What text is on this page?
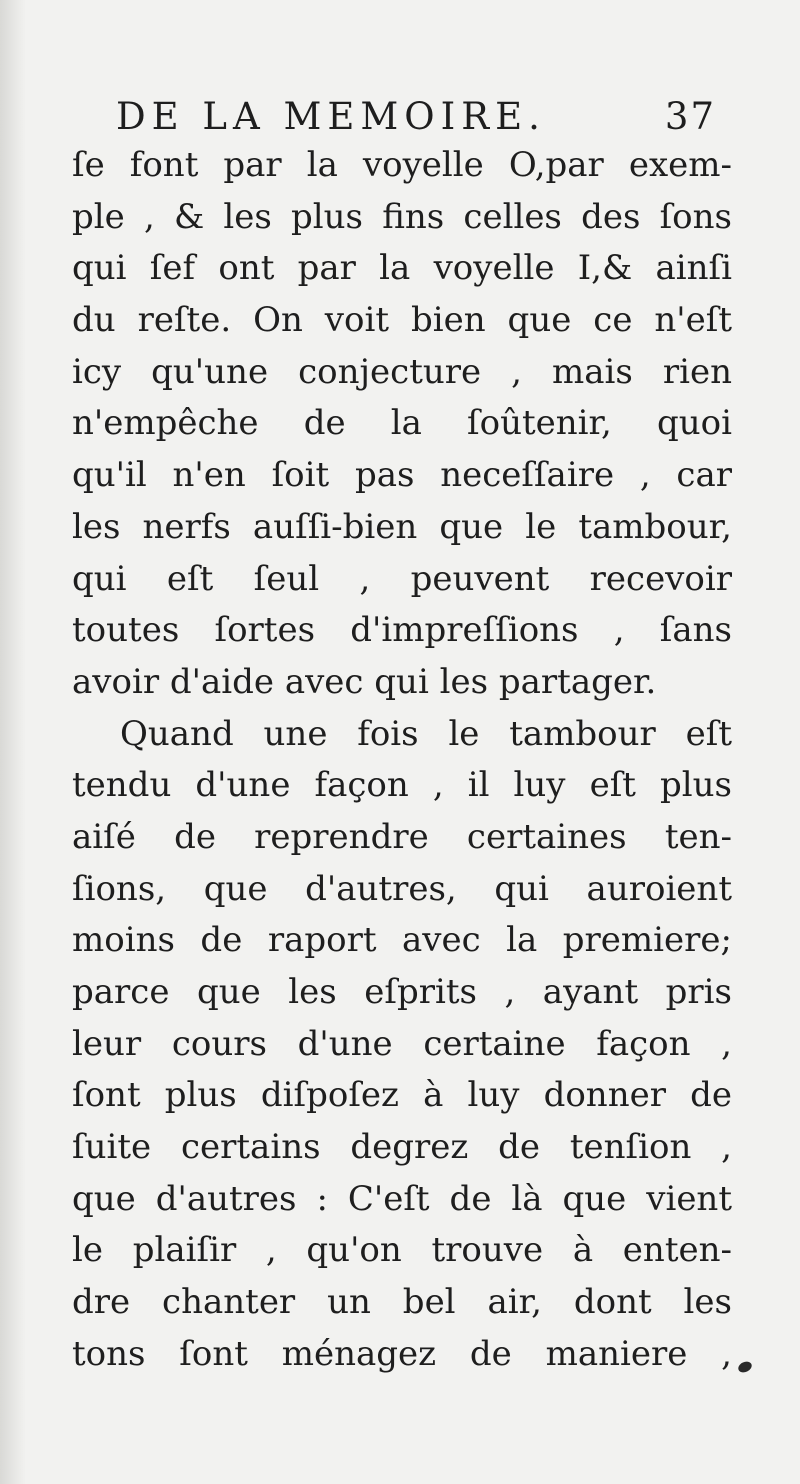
DE LA MEMOIRE.	37
ſe font par la voyelle O,par exem-
ple , & les plus fins celles des ſons
qui ſef ont par la voyelle I,& ainſi
du reſte. On voit bien que ce n'eſt
icy qu'une conjecture , mais rien
n'empêche de la ſoûtenir, quoi
qu'il n'en ſoit pas neceſſaire , car
les nerfs auſſi-bien que le tambour,
qui eſt ſeul , peuvent recevoir
toutes ſortes d'impreſſions , ſans
avoir d'aide avec qui les partager.
Quand une fois le tambour eſt
tendu d'une façon , il luy eſt plus
aiſé de reprendre certaines ten-
ſions, que d'autres, qui auroient
moins de raport avec la premiere;
parce que les eſprits , ayant pris
leur cours d'une certaine façon ,
ſont plus diſpoſez à luy donner de
ſuite certains degrez de tenſion ,
que d'autres : C'eſt de là que vient
le plaiſir , qu'on trouve à enten-
dre chanter un bel air, dont les
tons ſont ménagez de maniere ,
